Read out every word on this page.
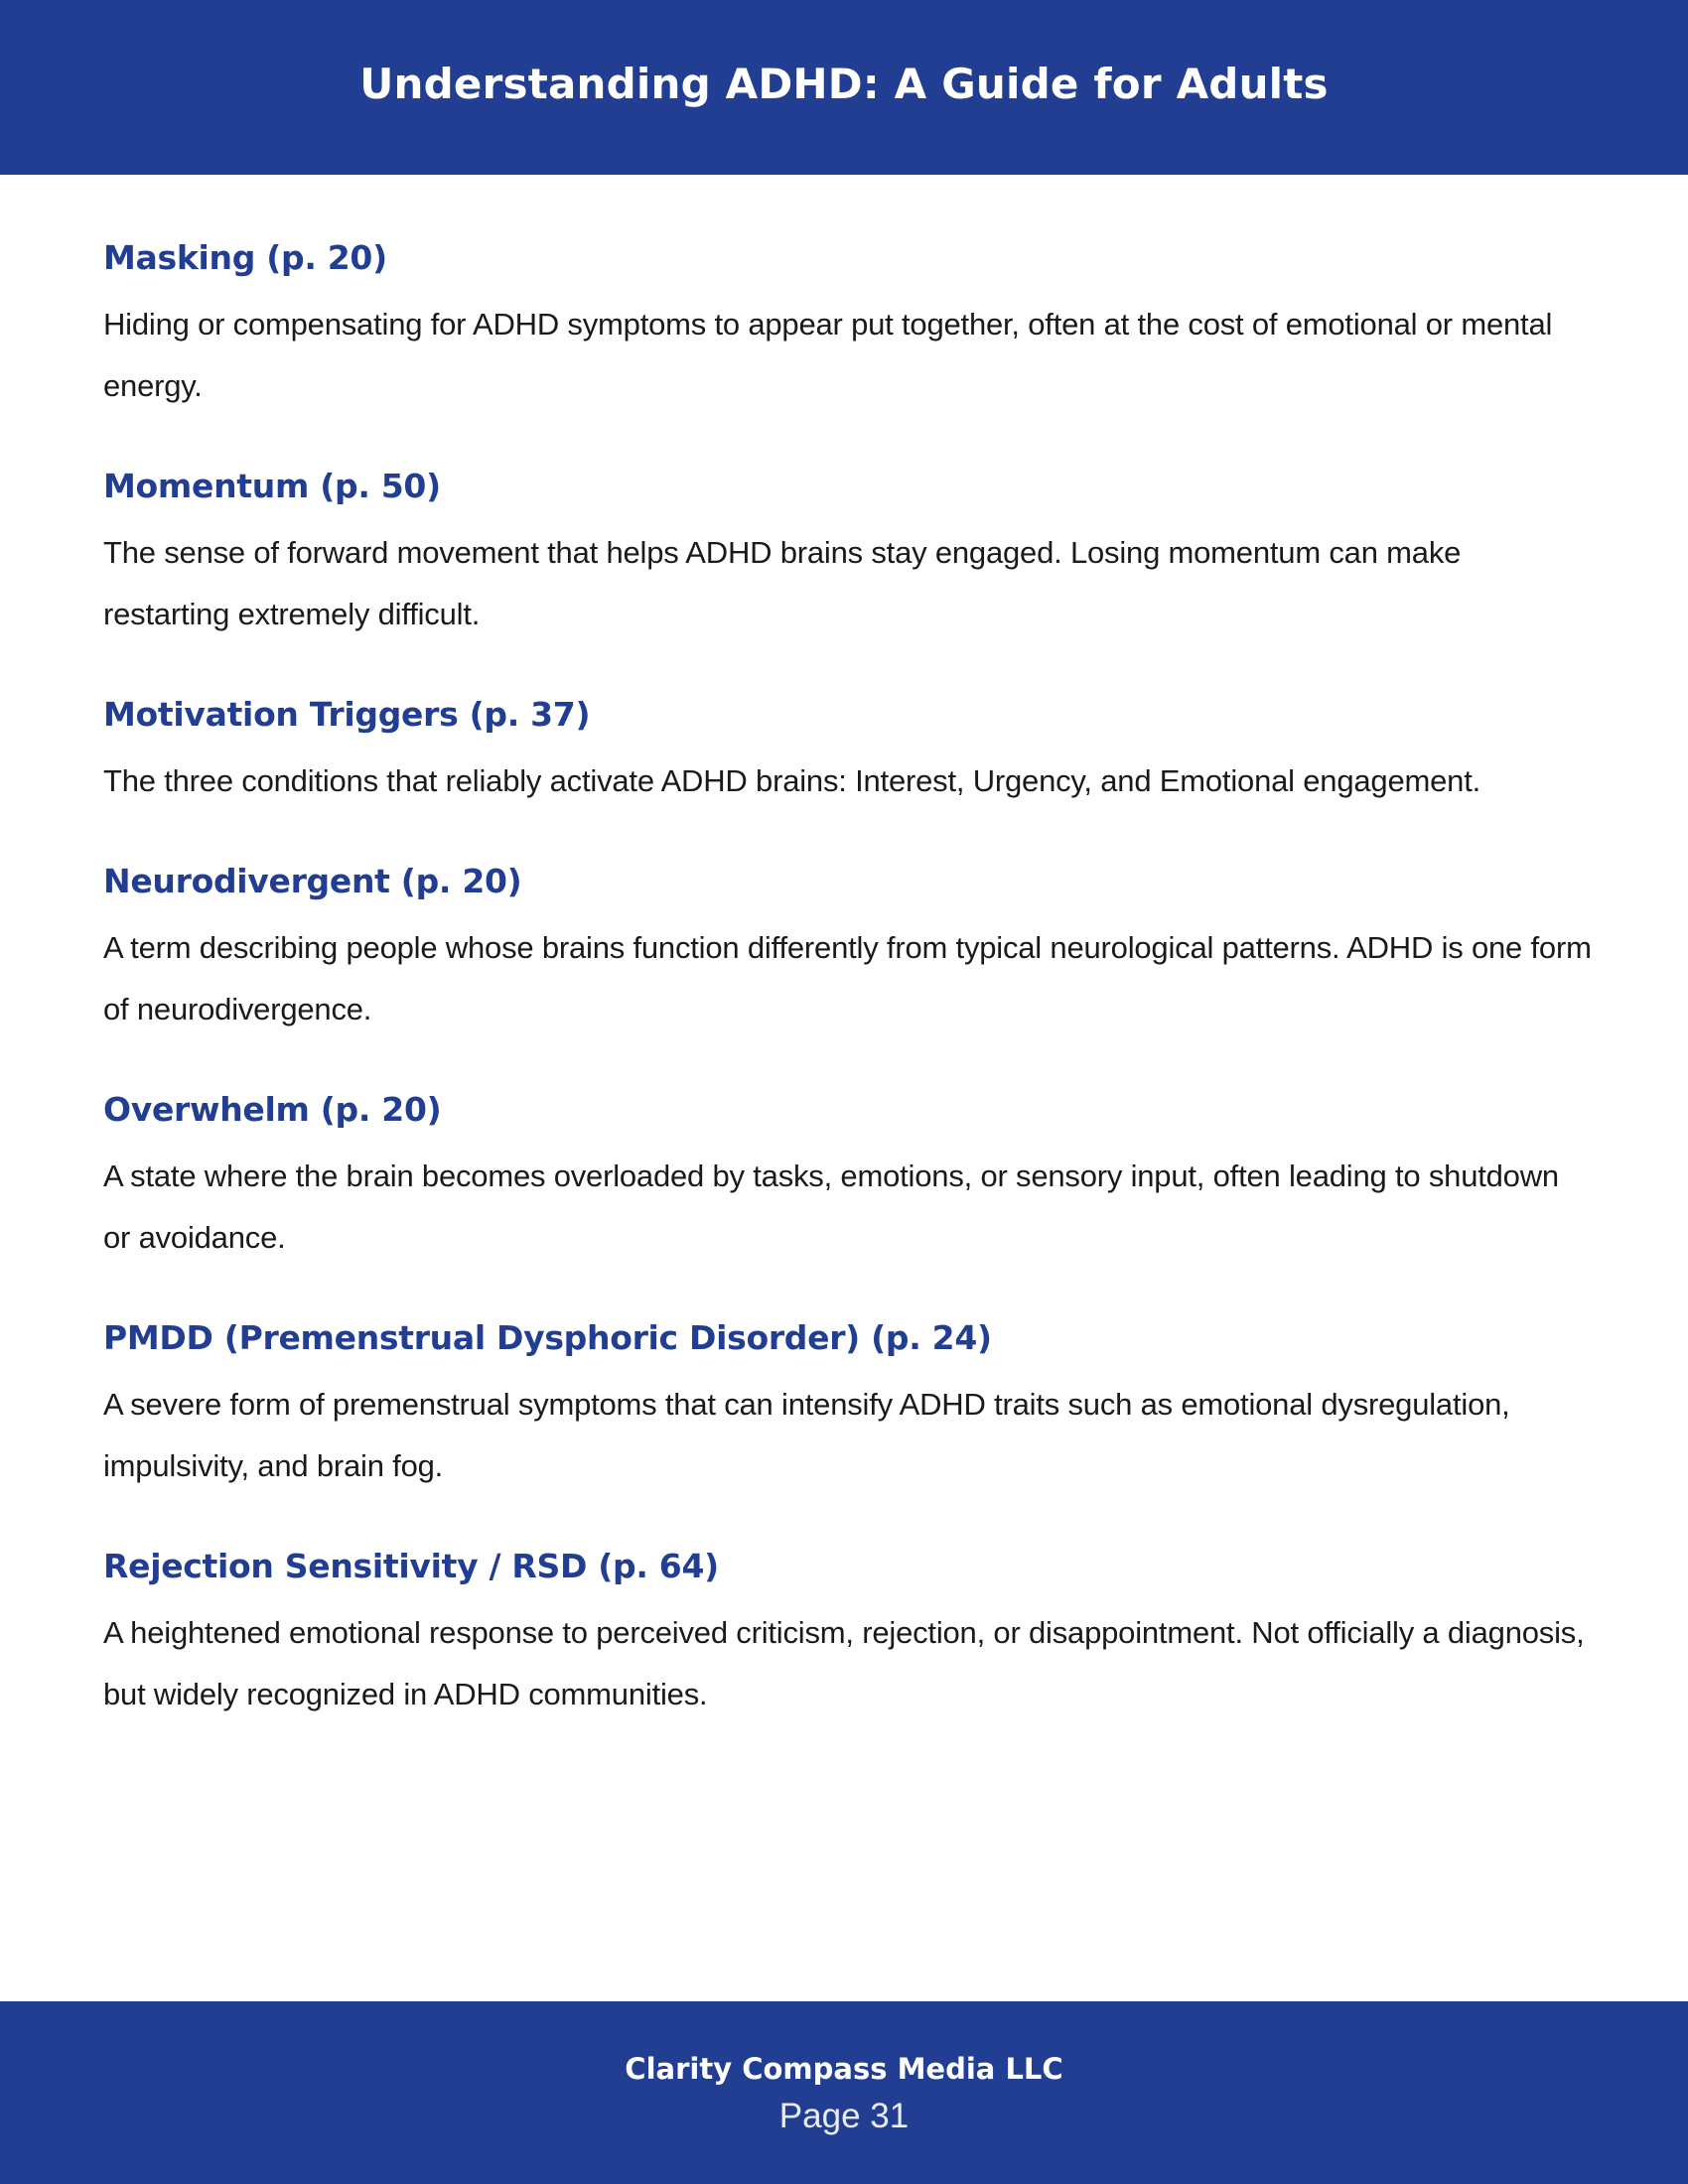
Understanding ADHD: A Guide for Adults
Masking (p. 20)
Hiding or compensating for ADHD symptoms to appear put together, often at the cost of emotional or mental energy.
Momentum (p. 50)
The sense of forward movement that helps ADHD brains stay engaged. Losing momentum can make restarting extremely difficult.
Motivation Triggers (p. 37)
The three conditions that reliably activate ADHD brains: Interest, Urgency, and Emotional engagement.
Neurodivergent (p. 20)
A term describing people whose brains function differently from typical neurological patterns. ADHD is one form of neurodivergence.
Overwhelm (p. 20)
A state where the brain becomes overloaded by tasks, emotions, or sensory input, often leading to shutdown or avoidance.
PMDD (Premenstrual Dysphoric Disorder) (p. 24)
A severe form of premenstrual symptoms that can intensify ADHD traits such as emotional dysregulation, impulsivity, and brain fog.
Rejection Sensitivity / RSD (p. 64)
A heightened emotional response to perceived criticism, rejection, or disappointment. Not officially a diagnosis, but widely recognized in ADHD communities.
Clarity Compass Media LLC
Page 31
